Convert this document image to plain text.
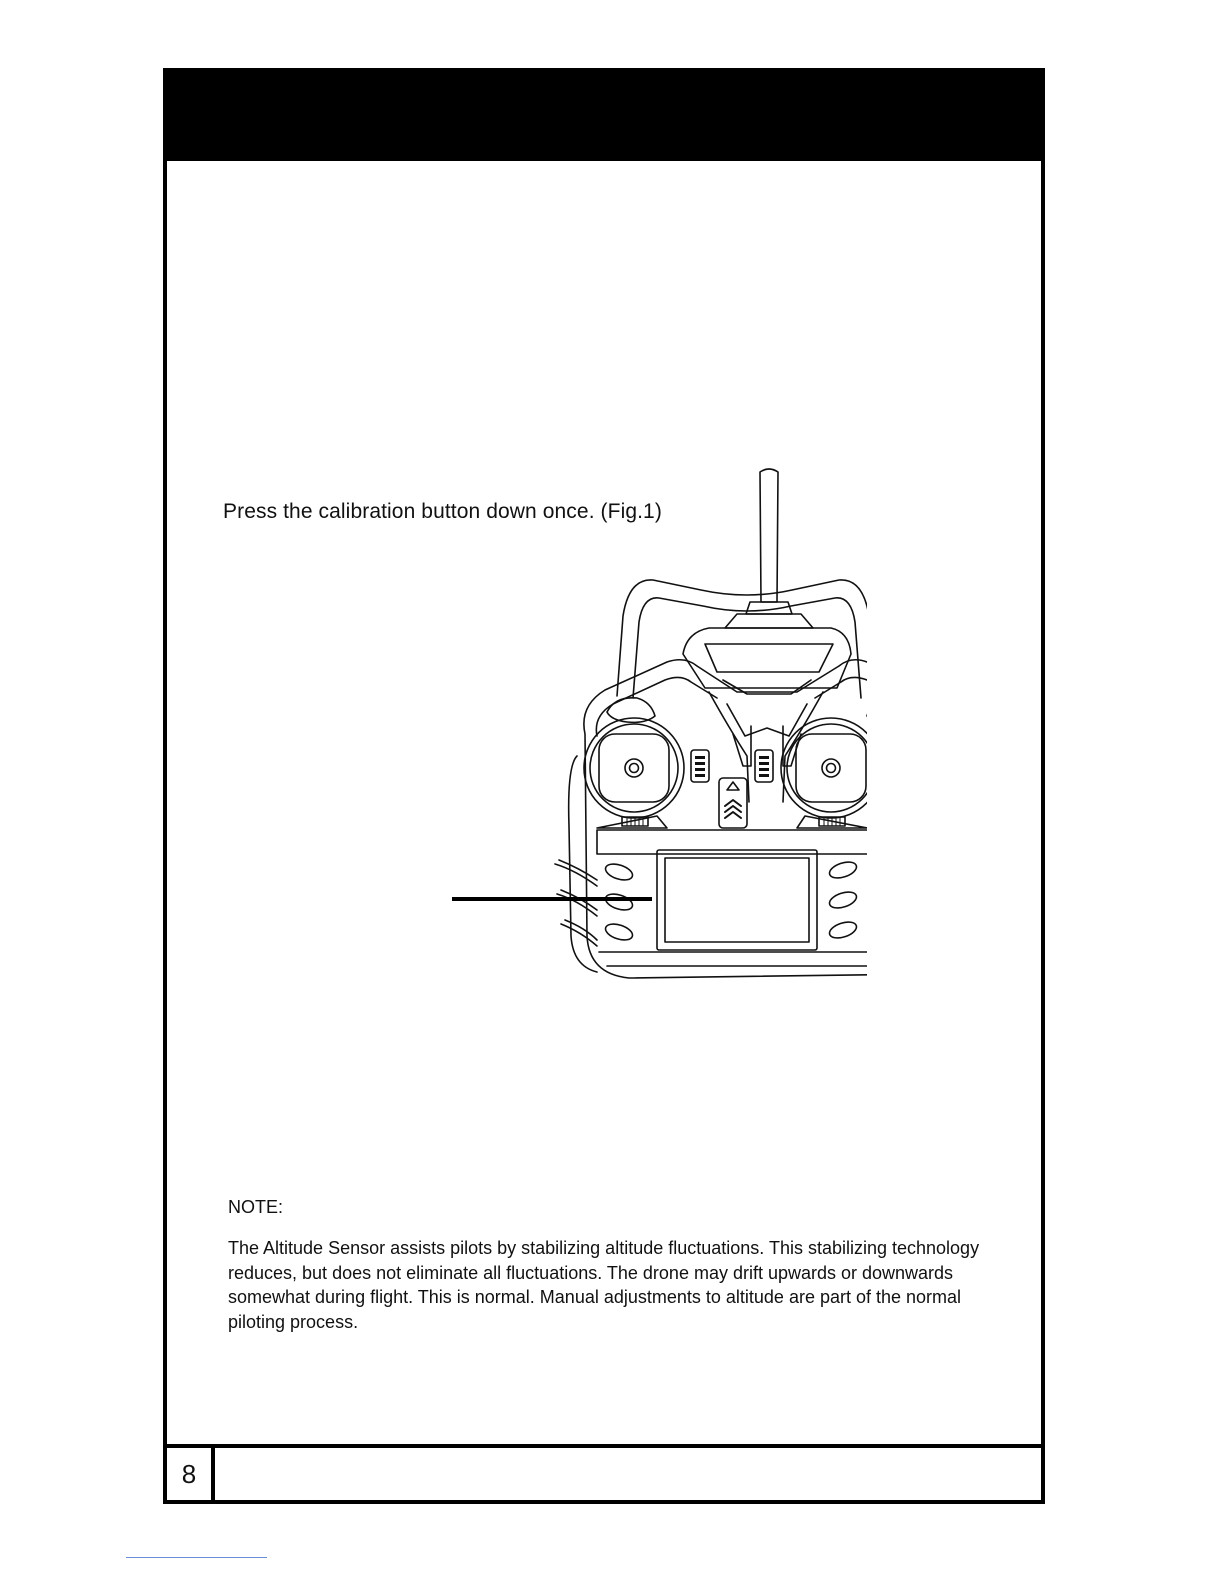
Press the calibration button down once. (Fig.1)

NOTE:

The Altitude Sensor assists pilots by stabilizing altitude fluctuations. This stabilizing technology reduces, but does not eliminate all fluctuations. The drone may drift upwards or downwards somewhat during flight. This is normal. Manual adjustments to altitude are part of the normal piloting process.

8
